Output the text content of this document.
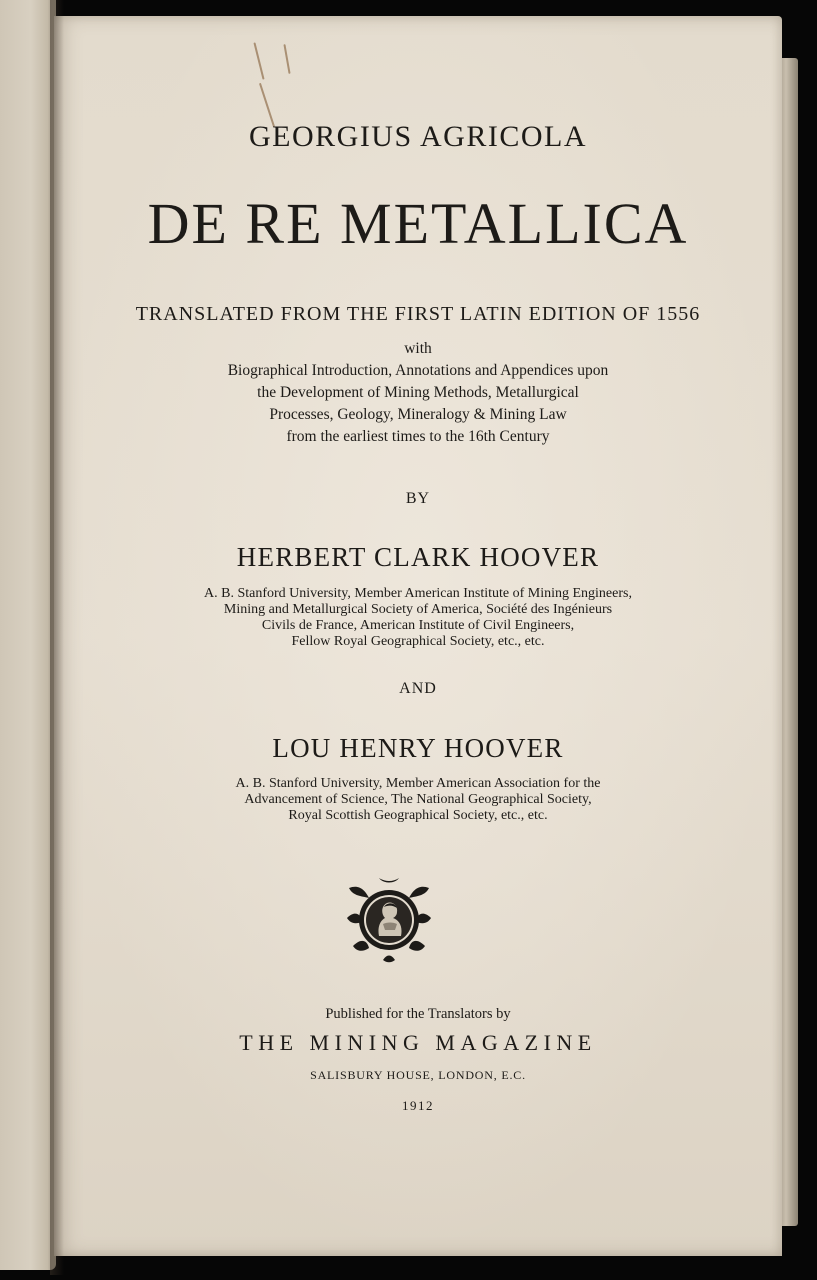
GEORGIUS AGRICOLA
DE RE METALLICA
TRANSLATED FROM THE FIRST LATIN EDITION OF 1556
with
Biographical Introduction, Annotations and Appendices upon
the Development of Mining Methods, Metallurgical
Processes, Geology, Mineralogy & Mining Law
from the earliest times to the 16th Century
BY
HERBERT CLARK HOOVER
A. B. Stanford University, Member American Institute of Mining Engineers,
Mining and Metallurgical Society of America, Société des Ingénieurs
Civils de France, American Institute of Civil Engineers,
Fellow Royal Geographical Society, etc., etc.
AND
LOU HENRY HOOVER
A. B. Stanford University, Member American Association for the
Advancement of Science, The National Geographical Society,
Royal Scottish Geographical Society, etc., etc.
Published for the Translators by
THE MINING MAGAZINE
SALISBURY HOUSE, LONDON, E.C.
1912
